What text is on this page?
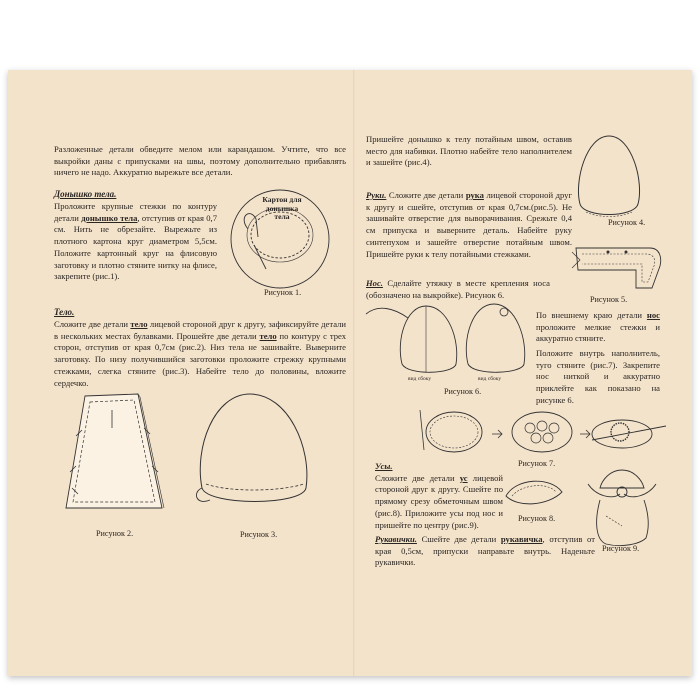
Разложенные детали обведите мелом или карандашом. Учтите, что все выкройки даны с припусками на швы, поэтому дополнительно прибавлять ничего не надо. Аккуратно вырежьте все детали.

Донышко тела.

Проложите крупные стежки по контуру детали донышко тела, отступив от края 0,7 см. Нить не обрезайте. Вырежьте из плотного картона круг диаметром 5,5см. Положите картонный круг на флисовую заготовку и плотно стяните нитку на флисе, закрепите (рис.1).

Картон для донышка тела

Рисунок 1.

Тело.

Сложите две детали тело лицевой стороной друг к другу, зафиксируйте детали в нескольких местах булавками. Прошейте две детали тело по контуру с трех сторон, отступив от края 0,7см (рис.2). Низ тела не зашивайте. Выверните заготовку. По низу получившийся заготовки проложите стрежку крупными стежками, слегка стяните (рис.3). Набейте тело до половины, вложите сердечко.

Рисунок 2.	Рисунок 3.

Пришейте донышко к телу потайным швом, оставив место для набивки. Плотно набейте тело наполнителем и зашейте (рис.4).

Рисунок 4.

Руки. Сложите две детали рука лицевой стороной друг к другу и сшейте, отступив от края 0,7см.(рис.5). Не зашивайте отверстие для выворачивания. Срежьте 0,4 см припуска и выверните деталь. Набейте руку синтепухом и зашейте отверстие потайным швом. Пришейте руки к телу потайными стежками.

Рисунок 5.

Нос. Сделайте утяжку в месте крепления носа (обозначено на выкройке). Рисунок 6.

вид сбоку	вид сбоку

Рисунок 6.

По внешнему краю детали нос проложите мелкие стежки и аккуратно стяните.

Положите внутрь наполнитель, туго стяните (рис.7). Закрепите нос ниткой и аккуратно приклейте как показано на рисунке 6.

Рисунок 7.

Усы.
Сложите две детали ус лицевой стороной друг к другу. Сшейте по прямому срезу обметочным швом (рис.8). Приложите усы под нос и пришейте по центру (рис.9).

Рисунок 8.

Рисунок 9.

Рукавички. Сшейте две детали рукавичка, отступив от края 0,5см, припуски направьте внутрь. Наденьте рукавички.
